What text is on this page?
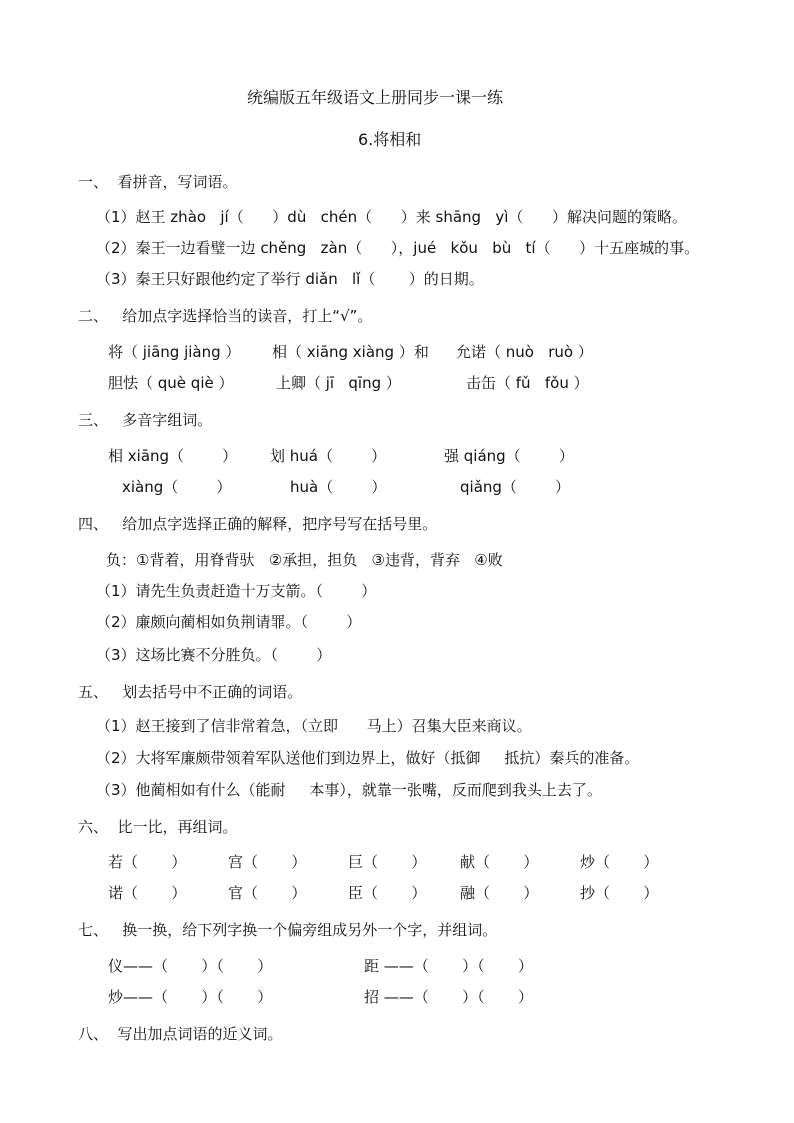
统编版五年级语文上册同步一课一练
6.将相和
一、  看拼音，写词语。
（1）赵王 zhào   jí（      ）dù   chén（      ）来 shāng   yì（      ）解决问题的策略。
（2）秦王一边看璧一边 chěng   zàn（      ），jué   kǒu   bù   tí（      ）十五座城的事。
（3）秦王只好跟他约定了举行 diǎn   lǐ（       ）的日期。
二、   给加点字选择恰当的读音，打上“√”。
将（ jiāng jiàng ） 相（ xiāng xiàng ）和 允诺（ nuò   ruò ）
胆怯（ què qiè ）	上卿（ jī   qīng ）	击缶（ fǔ   fǒu ）
三、   多音字组词。
相 xiāng（        ） 划 huá（        ）	强 qiáng（        ）
xiàng（        ）	huà（        ）	qiǎng（        ）
四、   给加点字选择正确的解释，把序号写在括号里。
负：①背着，用脊背驮   ②承担，担负   ③违背，背弃   ④败
（1）请先生负责赶造十万支箭。（        ）
（2）廉颇向蔺相如负荆请罪。（        ）
（3）这场比赛不分胜负。（        ）
五、   划去括号中不正确的词语。
（1）赵王接到了信非常着急，（立即      马上）召集大臣来商议。
（2）大将军廉颇带领着军队送他们到边界上，做好（抵御     抵抗）秦兵的准备。
（3）他蔺相如有什么（能耐     本事），就靠一张嘴，反而爬到我头上去了。
六、  比一比，再组词。
若（       ）	宫（       ）	巨（       ） 献（       ）	炒（       ）
诺（       ）	官（       ）	臣（       ） 融（       ）	抄（       ）
七、   换一换，给下列字换一个偏旁组成另外一个字，并组词。
仪——（       ）（       ）	距 ——（       ）（       ）
炒——（       ）（       ）	招 ——（       ）（       ）
八、  写出加点词语的近义词。
